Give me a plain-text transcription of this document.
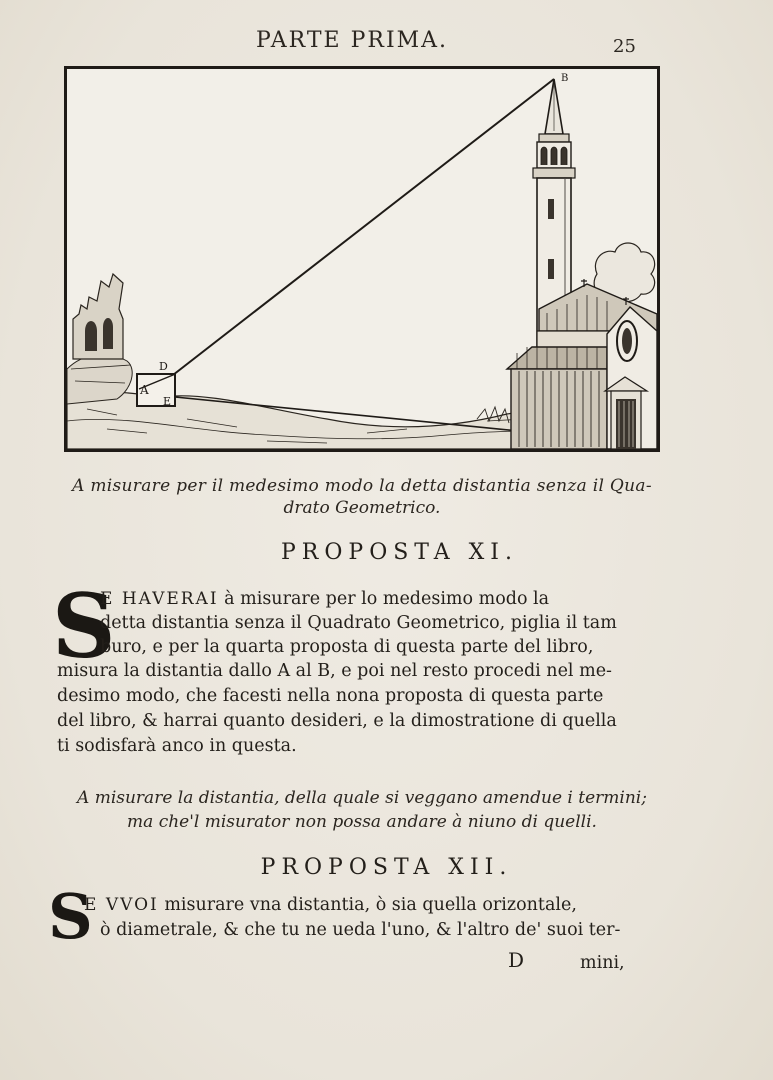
PARTE PRIMA.	25
D
A
E
B
A misurare per il medesimo modo la detta distantia senza il Qua-
drato Geometrico.
PROPOSTA XI.
S
E HAVERAI à misurare per lo medesimo modo la
detta distantia senza il Quadrato Geometrico, piglia il tam
buro, e per la quarta proposta di questa parte del libro,
misura la distantia dallo A al B, e poi nel resto procedi nel me-
desimo modo, che facesti nella nona proposta di questa parte
del libro, & harrai quanto desideri, e la dimostratione di quella
ti sodisfarà anco in questa.
A misurare la distantia, della quale si veggano amendue i termini;
ma che'l misurator non possa andare à niuno di quelli.
PROPOSTA XII.
S
E VVOI misurare vna distantia, ò sia quella orizontale,
ò diametrale, & che tu ne ueda l'uno, & l'altro de' suoi ter-
D	mini,
